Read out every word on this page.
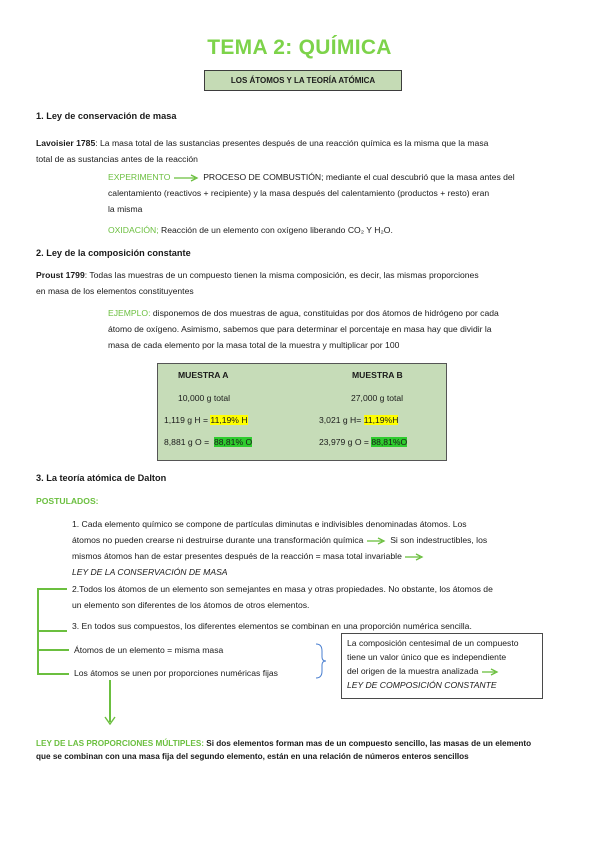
TEMA 2: QUÍMICA
LOS ÁTOMOS Y LA TEORÍA ATÓMICA
1. Ley de conservación de masa
Lavoisier 1785: La masa total de las sustancias presentes después de una reacción química es la misma que la masa
total de as sustancias antes de la reacción
EXPERIMENTO	PROCESO DE COMBUSTIÓN; mediante el cual descubrió que la masa antes del
calentamiento (reactivos + recipiente) y la masa después del calentamiento (productos + resto) eran
la misma
OXIDACIÓN; Reacción de un elemento con oxígeno liberando CO₂ Y H₂O.
2. Ley de la composición constante
Proust 1799: Todas las muestras de un compuesto tienen la misma composición, es decir, las mismas proporciones
en masa de los elementos constituyentes
EJEMPLO: disponemos de dos muestras de agua, constituidas por dos átomos de hidrógeno por cada
átomo de oxígeno. Asimismo, sabemos que para determinar el porcentaje en masa hay que dividir la
masa de cada elemento por la masa total de la muestra y multiplicar por 100
MUESTRA A	MUESTRA B
10,000 g total	27,000 g total
1,119 g H = 11,19% H	3,021 g H= 11,19%H
8,881 g O =  88,81% O	23,979 g O = 88,81%O
3. La teoría atómica de Dalton
POSTULADOS:
1. Cada elemento químico se compone de partículas diminutas e indivisibles denominadas átomos. Los
átomos no pueden crearse ni destruirse durante una transformación química	Si son indestructibles, los
mismos átomos han de estar presentes después de la reacción = masa total invariable
LEY DE LA CONSERVACIÓN DE MASA
2.Todos los átomos de un elemento son semejantes en masa y otras propiedades. No obstante, los átomos de
un elemento son diferentes de los átomos de otros elementos.
3. En todos sus compuestos, los diferentes elementos se combinan en una proporción numérica sencilla.
Átomos de un elemento = misma masa
Los átomos se unen por proporciones numéricas fijas
La composición centesimal de un compuesto
tiene un valor único que es independiente
del origen de la muestra analizada
LEY DE COMPOSICIÓN CONSTANTE
LEY DE LAS PROPORCIONES MÚLTIPLES: Si dos elementos forman mas de un compuesto sencillo, las masas de un elemento
que se combinan con una masa fija del segundo elemento, están en una relación de números enteros sencillos
